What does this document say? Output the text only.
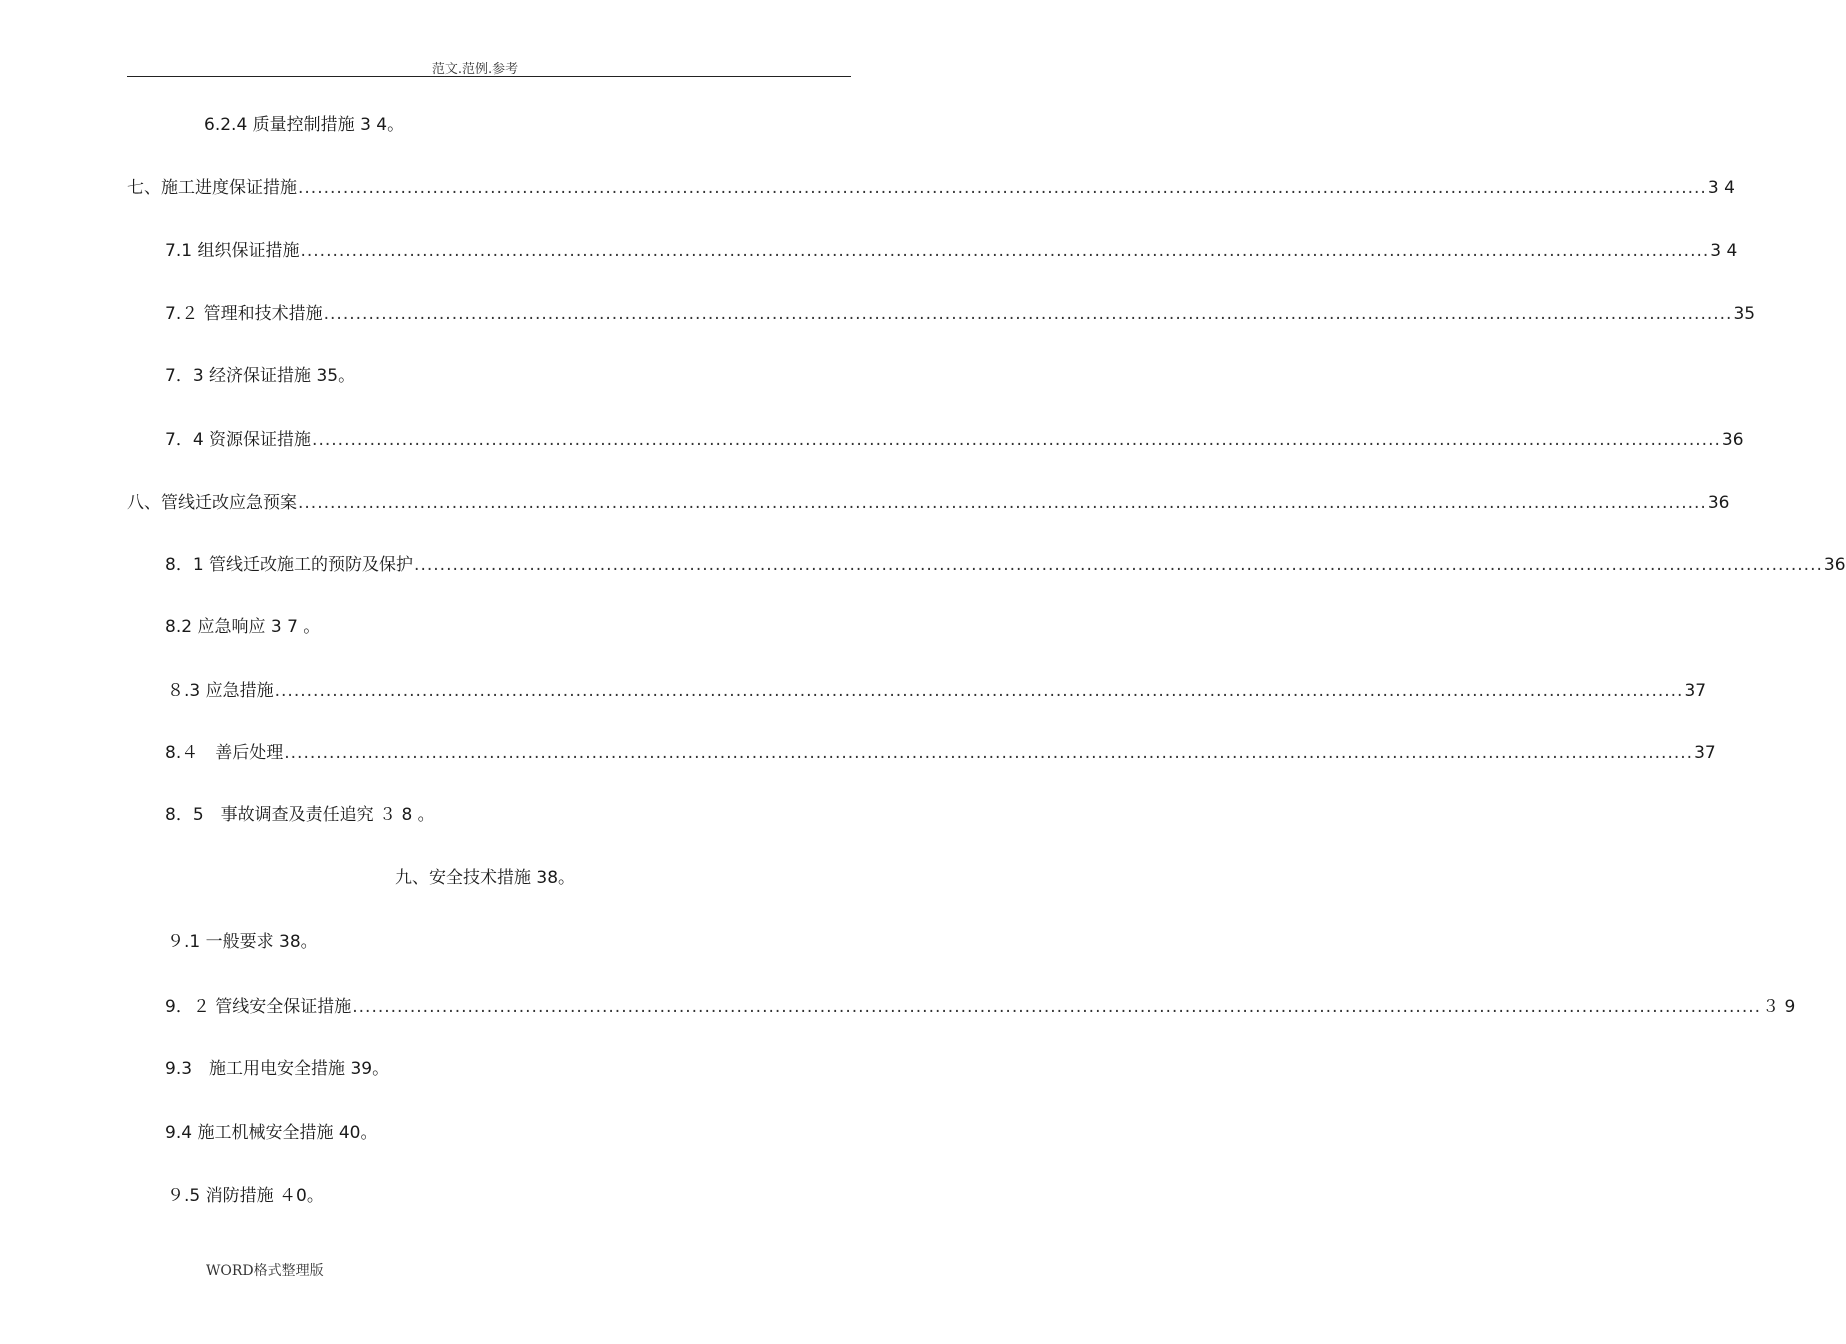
范文.范例.参考
6.2.4 质量控制措施 3 4。
七、施工进度保证措施 ............................................................................................................................................................................................................................ 3 4
7.1 组织保证措施 ............................................................................................................................................................................................................................ 3 4
7.２ 管理和技术措施 ............................................................................................................................................................................................................................ 35
7．3 经济保证措施 35。
7．4 资源保证措施 ............................................................................................................................................................................................................................ 36
八、管线迁改应急预案 ............................................................................................................................................................................................................................ 36
8．1 管线迁改施工的预防及保护 ............................................................................................................................................................................................................................ 36
8.2 应急响应 3 7 。
８.3 应急措施 ............................................................................................................................................................................................................................ 37
8.４　善后处理 ............................................................................................................................................................................................................................ 37
8．5　事故调查及责任追究 ３ 8 。
九、安全技术措施 38。
９.1 一般要求 38。
9．２ 管线安全保证措施 ............................................................................................................................................................................................................................ ３ 9
9.3　施工用电安全措施 39。
9.4 施工机械安全措施 40。
９.5 消防措施 ４0。
WORD格式整理版
